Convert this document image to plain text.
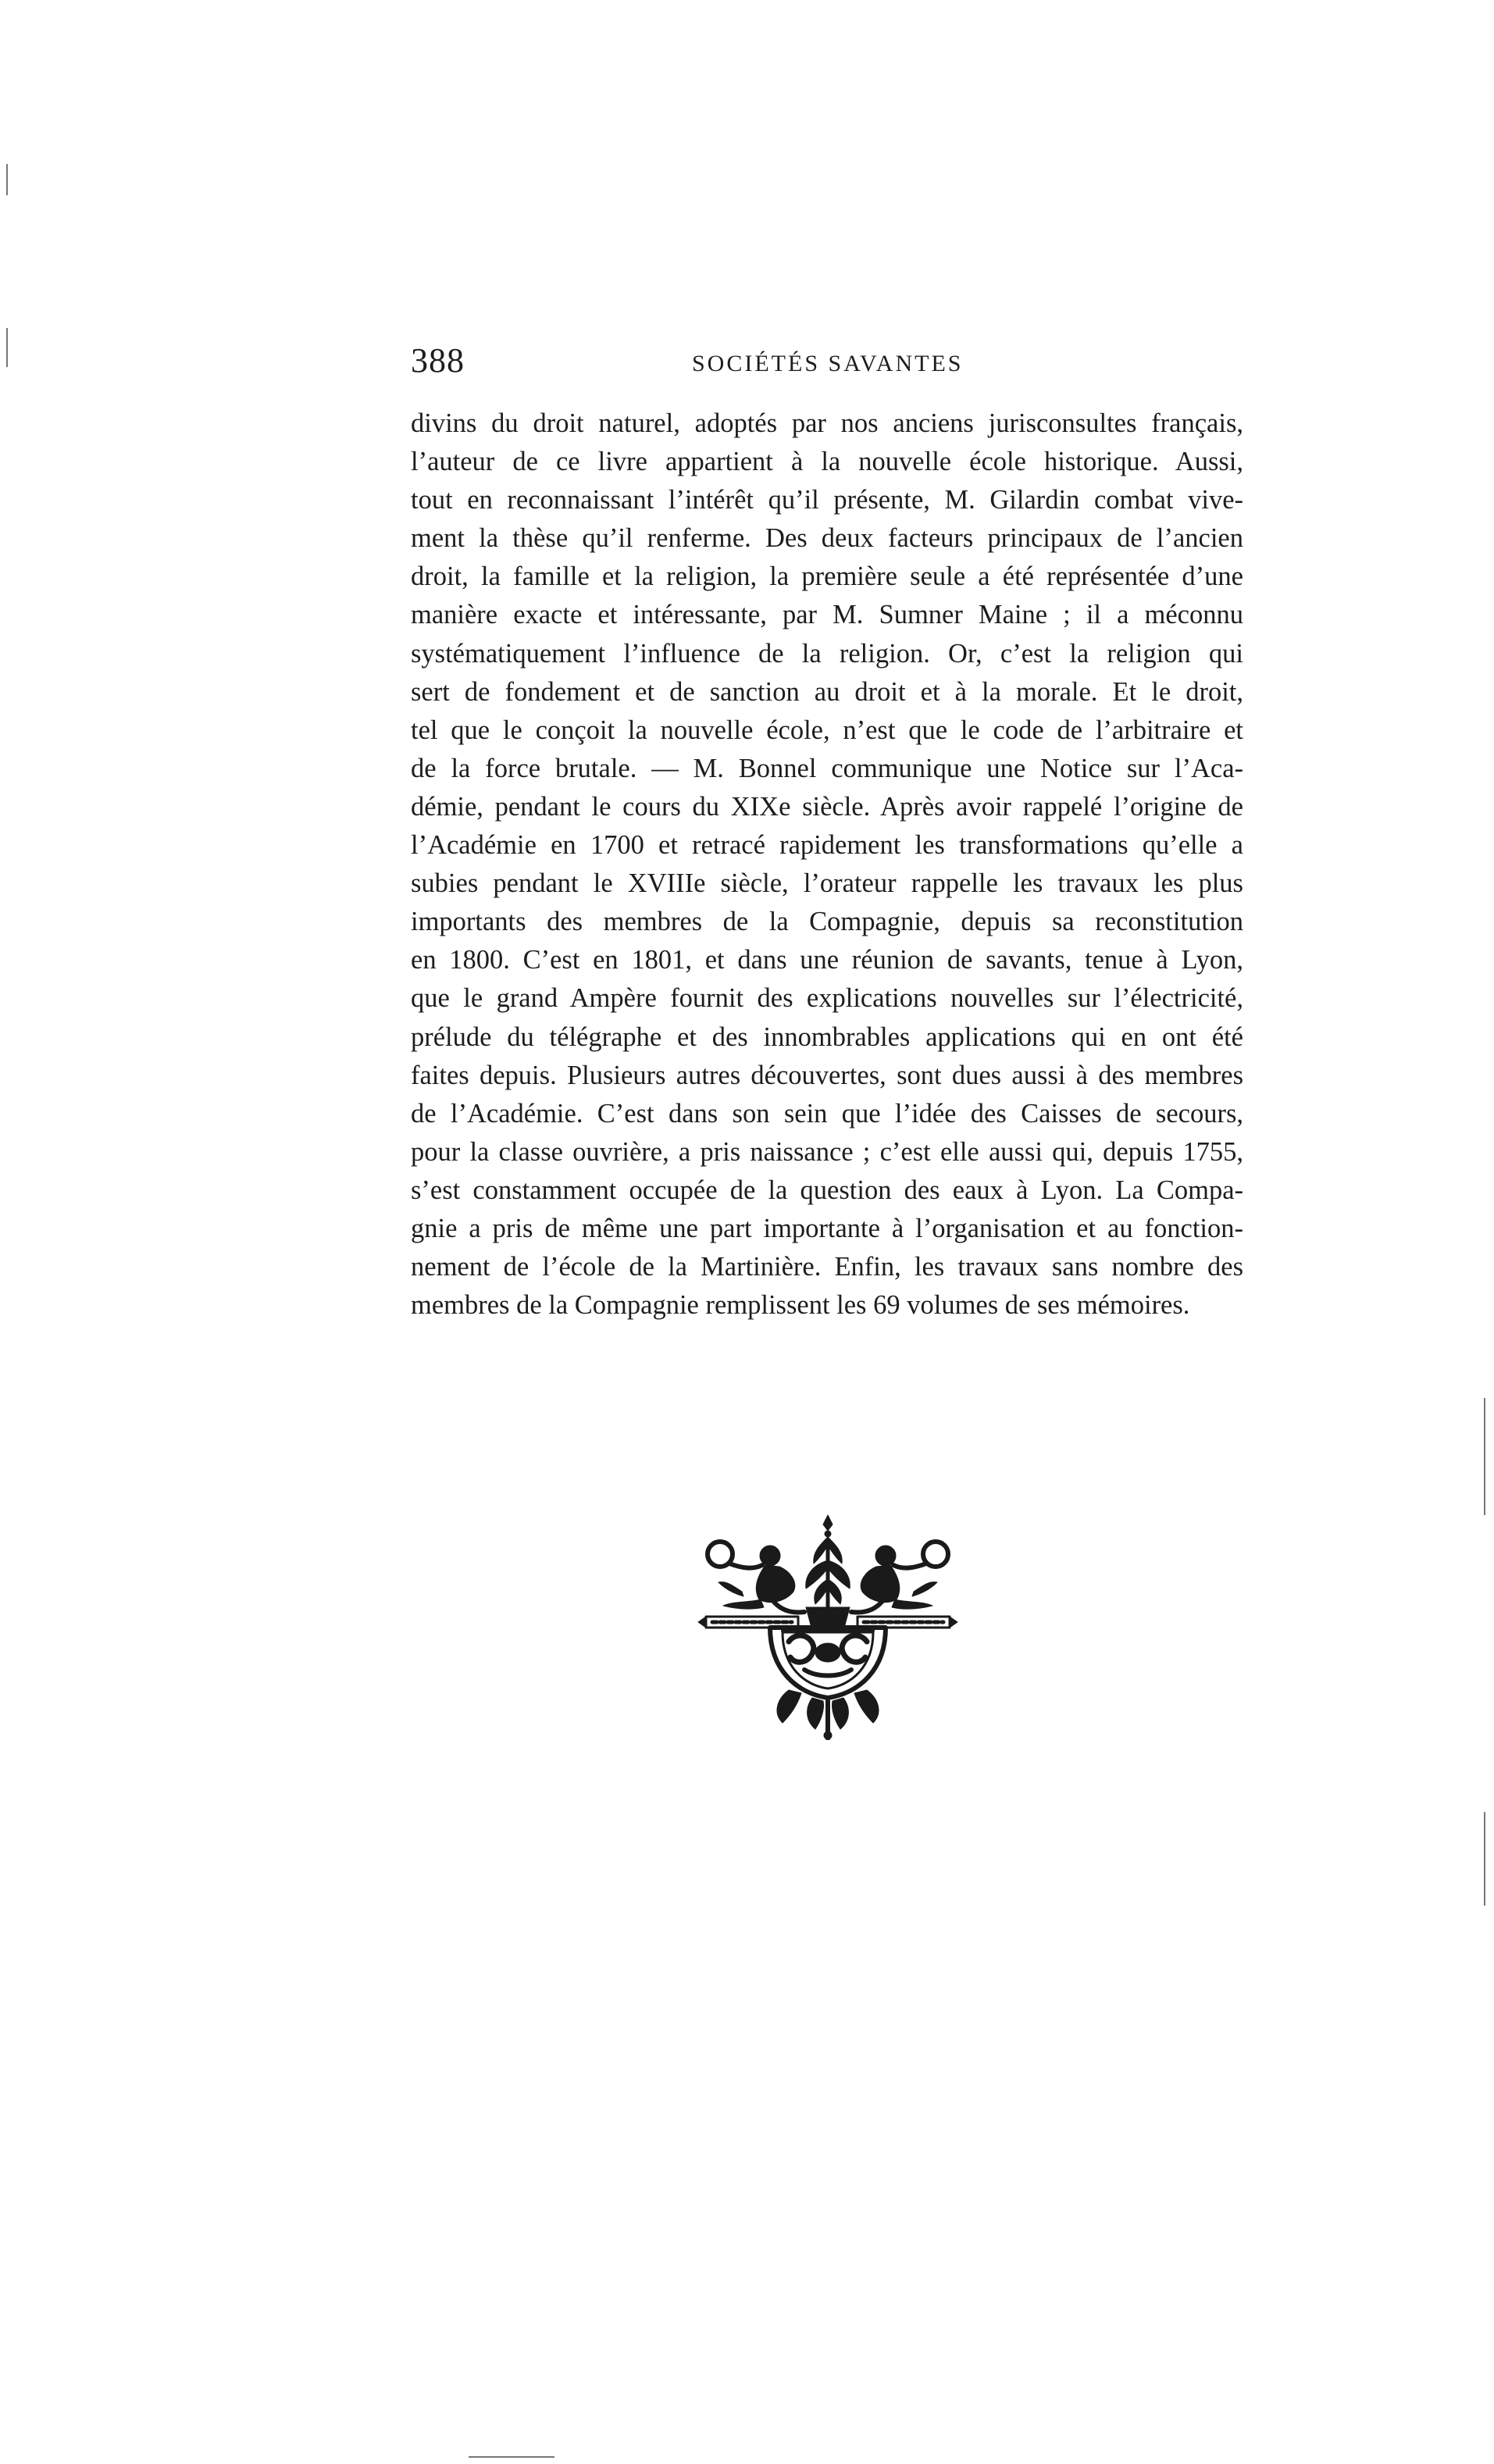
388	SOCIÉTÉS SAVANTES
divins du droit naturel, adoptés par nos anciens jurisconsultes français,
l’auteur de ce livre appartient à la nouvelle école historique. Aussi,
tout en reconnaissant l’intérêt qu’il présente, M. Gilardin combat vive-
ment la thèse qu’il renferme. Des deux facteurs principaux de l’ancien
droit, la famille et la religion, la première seule a été représentée d’une
manière exacte et intéressante, par M. Sumner Maine ; il a méconnu
systématiquement l’influence de la religion. Or, c’est la religion qui
sert de fondement et de sanction au droit et à la morale. Et le droit,
tel que le conçoit la nouvelle école, n’est que le code de l’arbitraire et
de la force brutale. — M. Bonnel communique une Notice sur l’Aca-
démie, pendant le cours du XIXe siècle. Après avoir rappelé l’origine de
l’Académie en 1700 et retracé rapidement les transformations qu’elle a
subies pendant le XVIIIe siècle, l’orateur rappelle les travaux les plus
importants des membres de la Compagnie, depuis sa reconstitution
en 1800. C’est en 1801, et dans une réunion de savants, tenue à Lyon,
que le grand Ampère fournit des explications nouvelles sur l’électricité,
prélude du télégraphe et des innombrables applications qui en ont été
faites depuis. Plusieurs autres découvertes, sont dues aussi à des membres
de l’Académie. C’est dans son sein que l’idée des Caisses de secours,
pour la classe ouvrière, a pris naissance ; c’est elle aussi qui, depuis 1755,
s’est constamment occupée de la question des eaux à Lyon. La Compa-
gnie a pris de même une part importante à l’organisation et au fonction-
nement de l’école de la Martinière. Enfin, les travaux sans nombre des
membres de la Compagnie remplissent les 69 volumes de ses mémoires.
